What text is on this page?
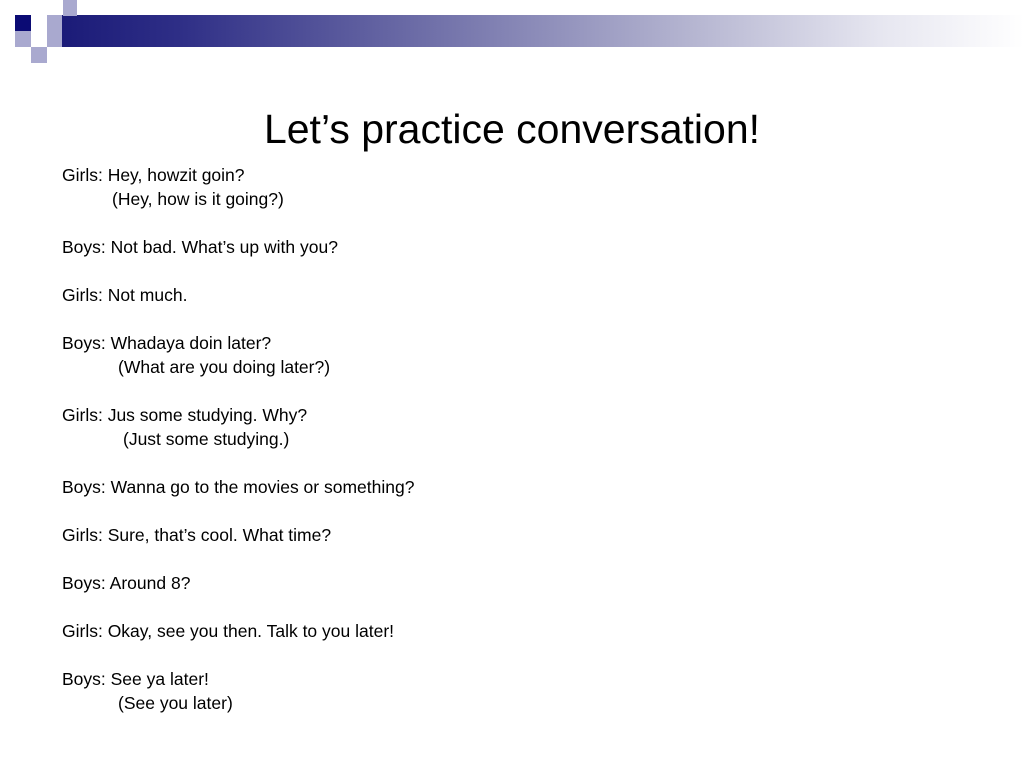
Let’s practice conversation!
Girls: Hey, howzit goin?
(Hey, how is it going?)
Boys: Not bad. What’s up with you?
Girls: Not much.
Boys: Whadaya doin later?
(What are you doing later?)
Girls: Jus some studying. Why?
(Just some studying.)
Boys: Wanna go to the movies or something?
Girls: Sure, that’s cool. What time?
Boys: Around 8?
Girls: Okay, see you then. Talk to you later!
Boys: See ya later!
(See you later)
